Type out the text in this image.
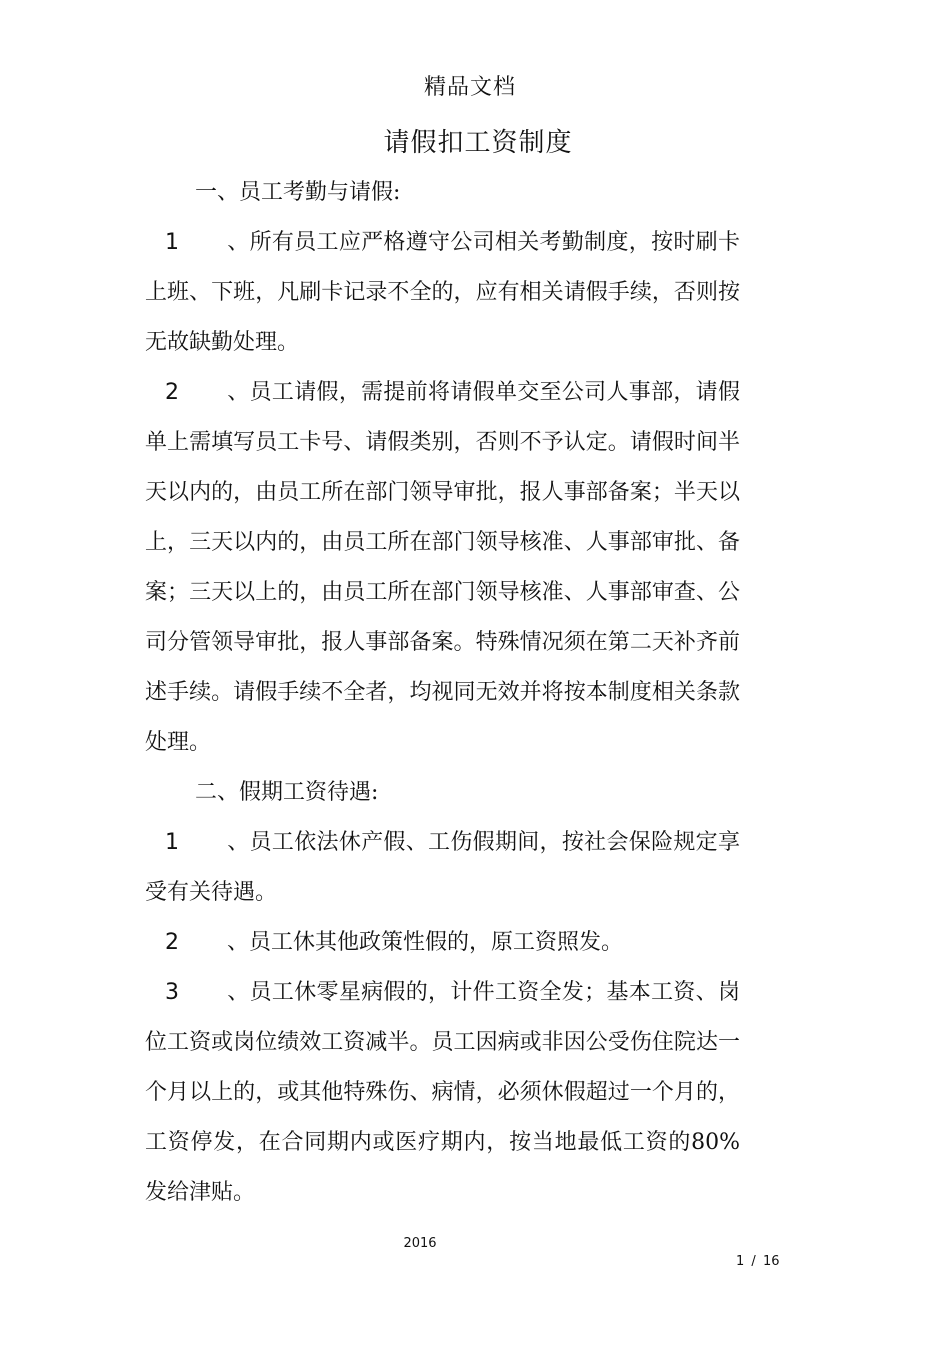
精品文档
请假扣工资制度

一、员工考勤与请假:

1 、所有员工应严格遵守公司相关考勤制度，按时刷卡上班、下班，凡刷卡记录不全的，应有相关请假手续，否则按无故缺勤处理。

2 、员工请假，需提前将请假单交至公司人事部，请假单上需填写员工卡号、请假类别，否则不予认定。请假时间半天以内的，由员工所在部门领导审批，报人事部备案；半天以上，三天以内的，由员工所在部门领导核准、人事部审批、备案；三天以上的，由员工所在部门领导核准、人事部审查、公司分管领导审批，报人事部备案。特殊情况须在第二天补齐前述手续。请假手续不全者，均视同无效并将按本制度相关条款处理。

二、假期工资待遇:

1 、员工依法休产假、工伤假期间，按社会保险规定享受有关待遇。

2 、员工休其他政策性假的，原工资照发。

3 、员工休零星病假的，计件工资全发；基本工资、岗位工资或岗位绩效工资减半。员工因病或非因公受伤住院达一个月以上的，或其他特殊伤、病情，必须休假超过一个月的，工资停发，在合同期内或医疗期内，按当地最低工资的80%发给津贴。

2016
1 / 16
